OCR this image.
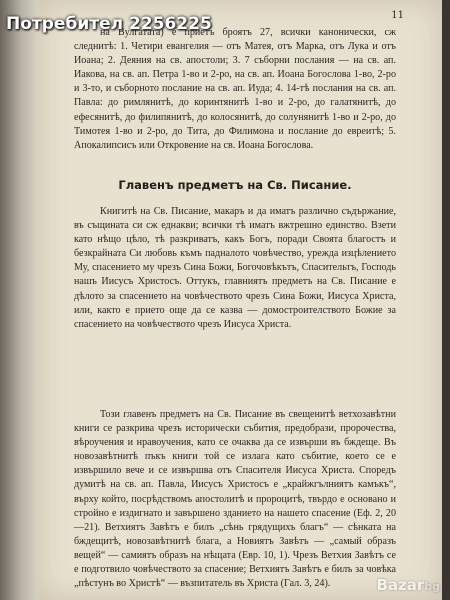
11

на Вулгатата) е приетъ броятъ 27, всички канонически, сж следнитѣ: 1. Четири евангелия — отъ Матея, отъ Марка, отъ Лука и отъ Иоана; 2. Деяния на св. апостоли; 3. 7 съборни послания — на св. ап. Иакова, на св. ап. Петра 1-во и 2-ро, на св. ап. Иоана Богослова 1-во, 2-ро и 3-то, и съборното послание на св. ап. Иуда; 4. 14-тѣ послания на св. ап. Павла: до римлянитѣ, до коринтянитѣ 1-во и 2-ро, до галатянитѣ, до ефесянитѣ, до филипянитѣ, до колосянитѣ, до солунянитѣ 1-во и 2-ро, до Тимотея 1-во и 2-ро, до Тита, до Филимона и послание до евреитѣ; 5. Апокалипсисъ или Откровение на св. Иоана Богослова.

Главенъ предметъ на Св. Писание.

Книгитѣ на Св. Писание, макаръ и да иматъ различно съдържание, въ същината си сж еднакви; всички тѣ иматъ вжтрешно единство. Взети като нѣщо цѣло, тѣ разкриватъ, какъ Богъ, поради Своята благостъ и безкрайната Си любовь къмъ падналото човѣчество, урежда изцѣлението Му, спасението му чрезъ Сина Божи, Богочовѣкътъ, Спасительтъ, Господь нашъ Иисусъ Христосъ. Оттукъ, главниятъ предметъ на Св. Писание е дѣлото за спасението на човѣчеството чрезъ Сина Божи, Иисуса Христа, или, както е прието още да се казва — домостроителството Божие за спасението на човѣчеството чрезъ Иисуса Христа.

Този главенъ предметъ на Св. Писание въ свещенитѣ ветхозавѣтни книги се разкрива чрезъ исторически събития, предобрази, пророчества, вѣроучения и нравоучения, като се очаква да се извърши въ бждеще. Въ новозавѣтнитѣ пъкъ книги той се излага като събитие, което се е извършило вече и се извършва отъ Спасителя Иисуса Христа. Споредъ думитѣ на св. ап. Павла, Иисусъ Христосъ е „крайжгълниятъ камъкъ“, върху който, посрѣдствомъ апостолитѣ и пророцитѣ, твърдо е основано и стройно е издигнато и завършено зданието на нашето спасение (Еф. 2, 20—21). Ветхиятъ Завѣтъ е билъ „сѣнь грядущихъ благъ“ — сѣнката на бждещитѣ, новозавѣтнитѣ блага, а Новиятъ Завѣтъ — „самый образъ вещей“ — самиятъ образъ на нѣщата (Евр. 10, 1). Чрезъ Ветхия Завѣтъ се е подготвило човѣчеството за спасение; Ветхиятъ Завѣтъ е билъ за човѣка „пѣстунъ во Христѣ“ — възпитатель въ Христа (Гал. 3, 24).

Потребител 2256225
Bazarbg
